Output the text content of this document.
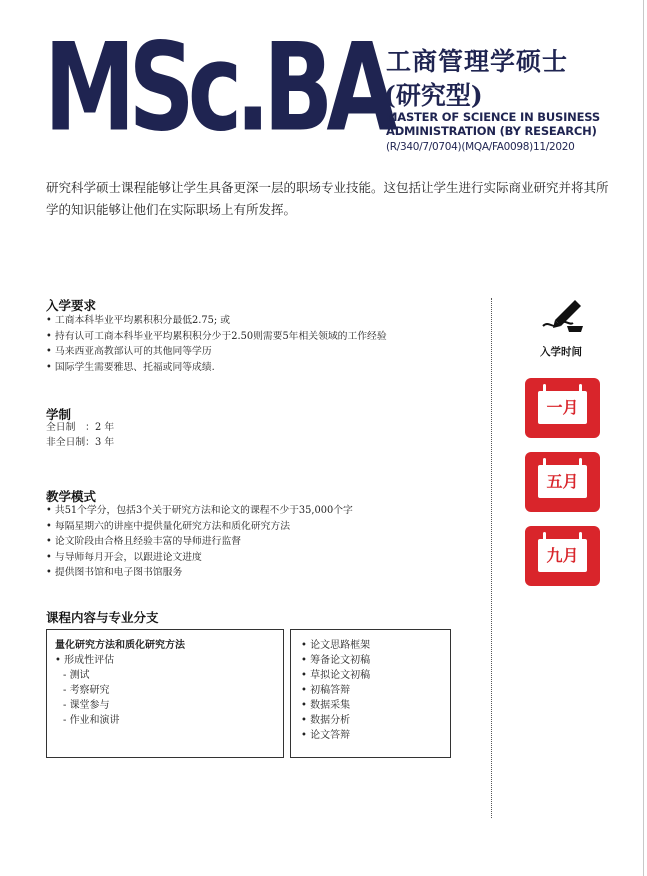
MSc.BA
工商管理学硕士
(研究型)
MASTER OF SCIENCE IN BUSINESS
ADMINISTRATION (BY RESEARCH)
(R/340/7/0704)(MQA/FA0098)11/2020
研究科学硕士课程能够让学生具备更深一层的职场专业技能。这包括让学生进行实际商业研究并将其所学的知识能够让他们在实际职场上有所发挥。
入学要求
• 工商本科毕业平均累积积分最低2.75; 或
• 持有认可工商本科毕业平均累积积分少于2.50则需要5年相关领域的工作经验
• 马来西亚高教部认可的其他同等学历
• 国际学生需要雅思、托福或同等成绩.
学制
全日制　：2 年
非全日制：3 年
教学模式
• 共51个学分，包括3个关于研究方法和论文的课程不少于35,000个字
• 每隔星期六的讲座中提供量化研究方法和质化研究方法
• 论文阶段由合格且经验丰富的导师进行监督
• 与导师每月开会，以跟进论文进度
• 提供图书馆和电子图书馆服务
课程内容与专业分支
量化研究方法和质化研究方法
• 形成性评估
- 测试
- 考察研究
- 课堂参与
- 作业和演讲
• 论文思路框架
• 筹备论文初稿
• 草拟论文初稿
• 初稿答辩
• 数据采集
• 数据分析
• 论文答辩
入学时间
一月
五月
九月
